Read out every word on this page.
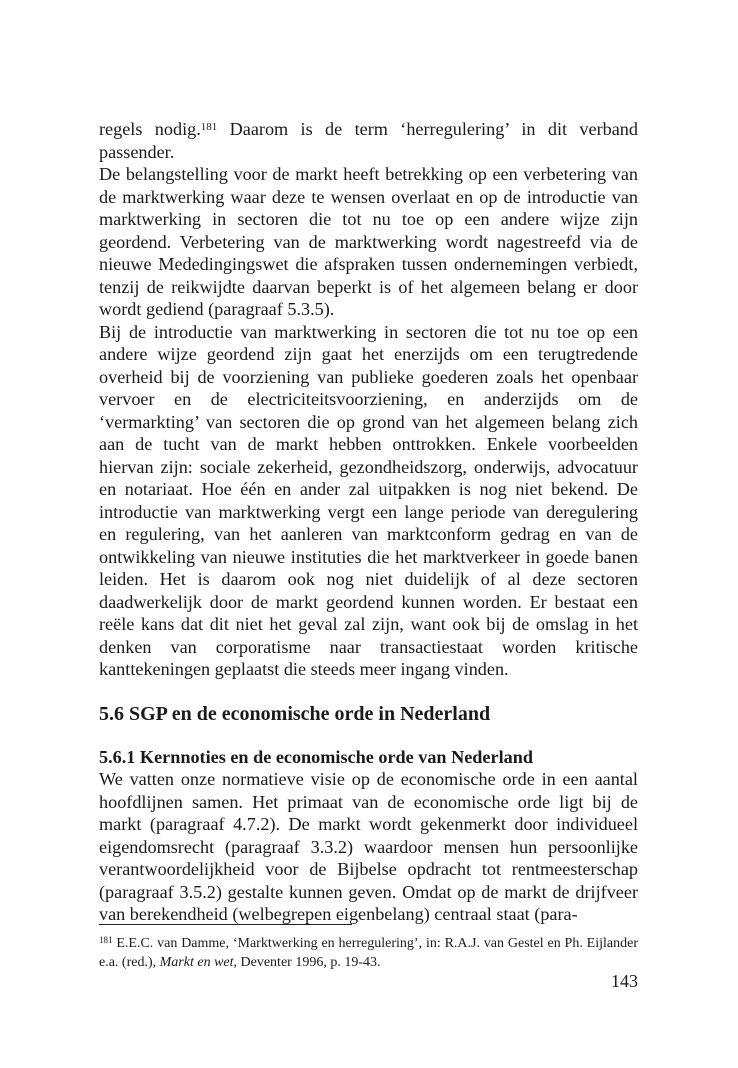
regels nodig.$^{181}$ Daarom is de term ‘herregulering’ in dit verband passender.

De belangstelling voor de markt heeft betrekking op een verbetering van de marktwerking waar deze te wensen overlaat en op de introductie van marktwerking in sectoren die tot nu toe op een andere wijze zijn geordend. Verbetering van de marktwerking wordt nagestreefd via de nieuwe Mededingingswet die afspraken tussen ondernemingen verbiedt, tenzij de reikwijdte daarvan beperkt is of het algemeen belang er door wordt gediend (paragraaf 5.3.5).

Bij de introductie van marktwerking in sectoren die tot nu toe op een andere wijze geordend zijn gaat het enerzijds om een terugtredende overheid bij de voorziening van publieke goederen zoals het openbaar vervoer en de electriciteitsvoorziening, en anderzijds om de ‘vermarkting’ van sectoren die op grond van het algemeen belang zich aan de tucht van de markt hebben onttrokken. Enkele voorbeelden hiervan zijn: sociale zekerheid, gezondheidszorg, onderwijs, advocatuur en notariaat. Hoe één en ander zal uitpakken is nog niet bekend. De introductie van marktwerking vergt een lange periode van deregulering en regulering, van het aanleren van marktconform gedrag en van de ontwikkeling van nieuwe instituties die het marktverkeer in goede banen leiden. Het is daarom ook nog niet duidelijk of al deze sectoren daadwerkelijk door de markt geordend kunnen worden. Er bestaat een reële kans dat dit niet het geval zal zijn, want ook bij de omslag in het denken van corporatisme naar transactiestaat worden kritische kanttekeningen geplaatst die steeds meer ingang vinden.

5.6 SGP en de economische orde in Nederland
5.6.1 Kernnoties en de economische orde van Nederland

We vatten onze normatieve visie op de economische orde in een aantal hoofdlijnen samen. Het primaat van de economische orde ligt bij de markt (paragraaf 4.7.2). De markt wordt gekenmerkt door individueel eigendomsrecht (paragraaf 3.3.2) waardoor mensen hun persoonlijke verantwoordelijkheid voor de Bijbelse opdracht tot rentmeesterschap (paragraaf 3.5.2) gestalte kunnen geven. Omdat op de markt de drijfveer van berekendheid (welbegrepen eigenbelang) centraal staat (para-

$^{181}$ E.E.C. van Damme, ‘Marktwerking en herregulering’, in: R.A.J. van Gestel en Ph. Eijlander e.a. (red.), Markt en wet, Deventer 1996, p. 19-43.
143
